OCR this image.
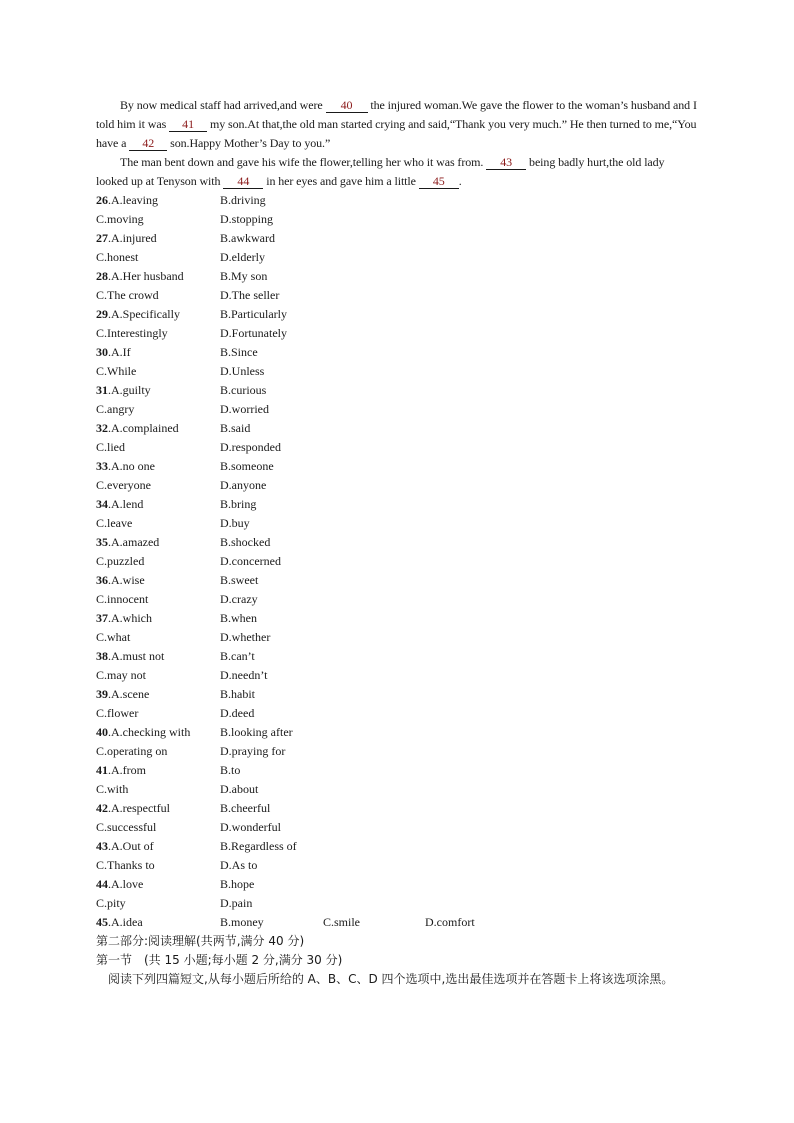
By now medical staff had arrived,and were 40 the injured woman.We gave the flower to the woman’s husband and I told him it was 41 my son.At that,the old man started crying and said,“Thank you very much.” He then turned to me,“You have a 42 son.Happy Mother’s Day to you.”

The man bent down and gave his wife the flower,telling her who it was from. 43 being badly hurt,the old lady looked up at Tenyson with 44 in her eyes and gave him a little 45 .

26.A.leaving	B.driving
C.moving	D.stopping
27.A.injured	B.awkward
C.honest	D.elderly
28.A.Her husband	B.My son
C.The crowd	D.The seller
29.A.Specifically	B.Particularly
C.Interestingly	D.Fortunately
30.A.If	B.Since
C.While	D.Unless
31.A.guilty	B.curious
C.angry	D.worried
32.A.complained	B.said
C.lied	D.responded
33.A.no one	B.someone
C.everyone	D.anyone
34.A.lend	B.bring
C.leave	D.buy
35.A.amazed	B.shocked
C.puzzled	D.concerned
36.A.wise	B.sweet
C.innocent	D.crazy
37.A.which	B.when
C.what	D.whether
38.A.must not	B.can’t
C.may not	D.needn’t
39.A.scene	B.habit
C.flower	D.deed
40.A.checking with B.looking after
C.operating on	D.praying for
41.A.from	B.to
C.with	D.about
42.A.respectful	B.cheerful
C.successful	D.wonderful
43.A.Out of	B.Regardless of
C.Thanks to	D.As to
44.A.love	B.hope
C.pity	D.pain
45.A.idea	B.money	C.smile	D.comfort

第二部分:阅读理解(共两节,满分 40 分)

第一节　(共 15 小题;每小题 2 分,满分 30 分)

阅读下列四篇短文,从每小题后所给的 A、B、C、D 四个选项中,选出最佳选项并在答题卡上将该选项涂黑。
